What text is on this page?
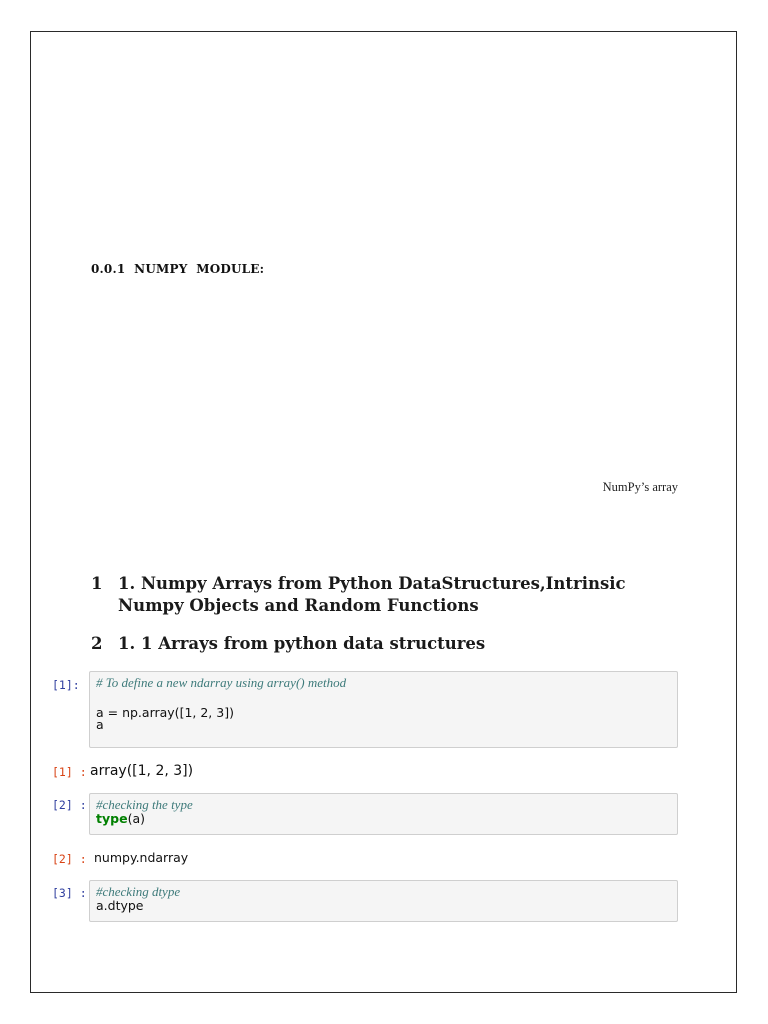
0.0.1  NUMPY  MODULE:
NumPy’s array
1 1. Numpy Arrays from Python DataStructures,Intrinsic Numpy Objects and Random Functions
2 1. 1 Arrays from python data structures
[1]:	# To define a new ndarray using array() method
a = np.array([1, 2, 3])
a
[1] : array([1, 2, 3])
[2] : #checking the type
type(a)
[2] : numpy.ndarray
[3] : #checking dtype
a.dtype
